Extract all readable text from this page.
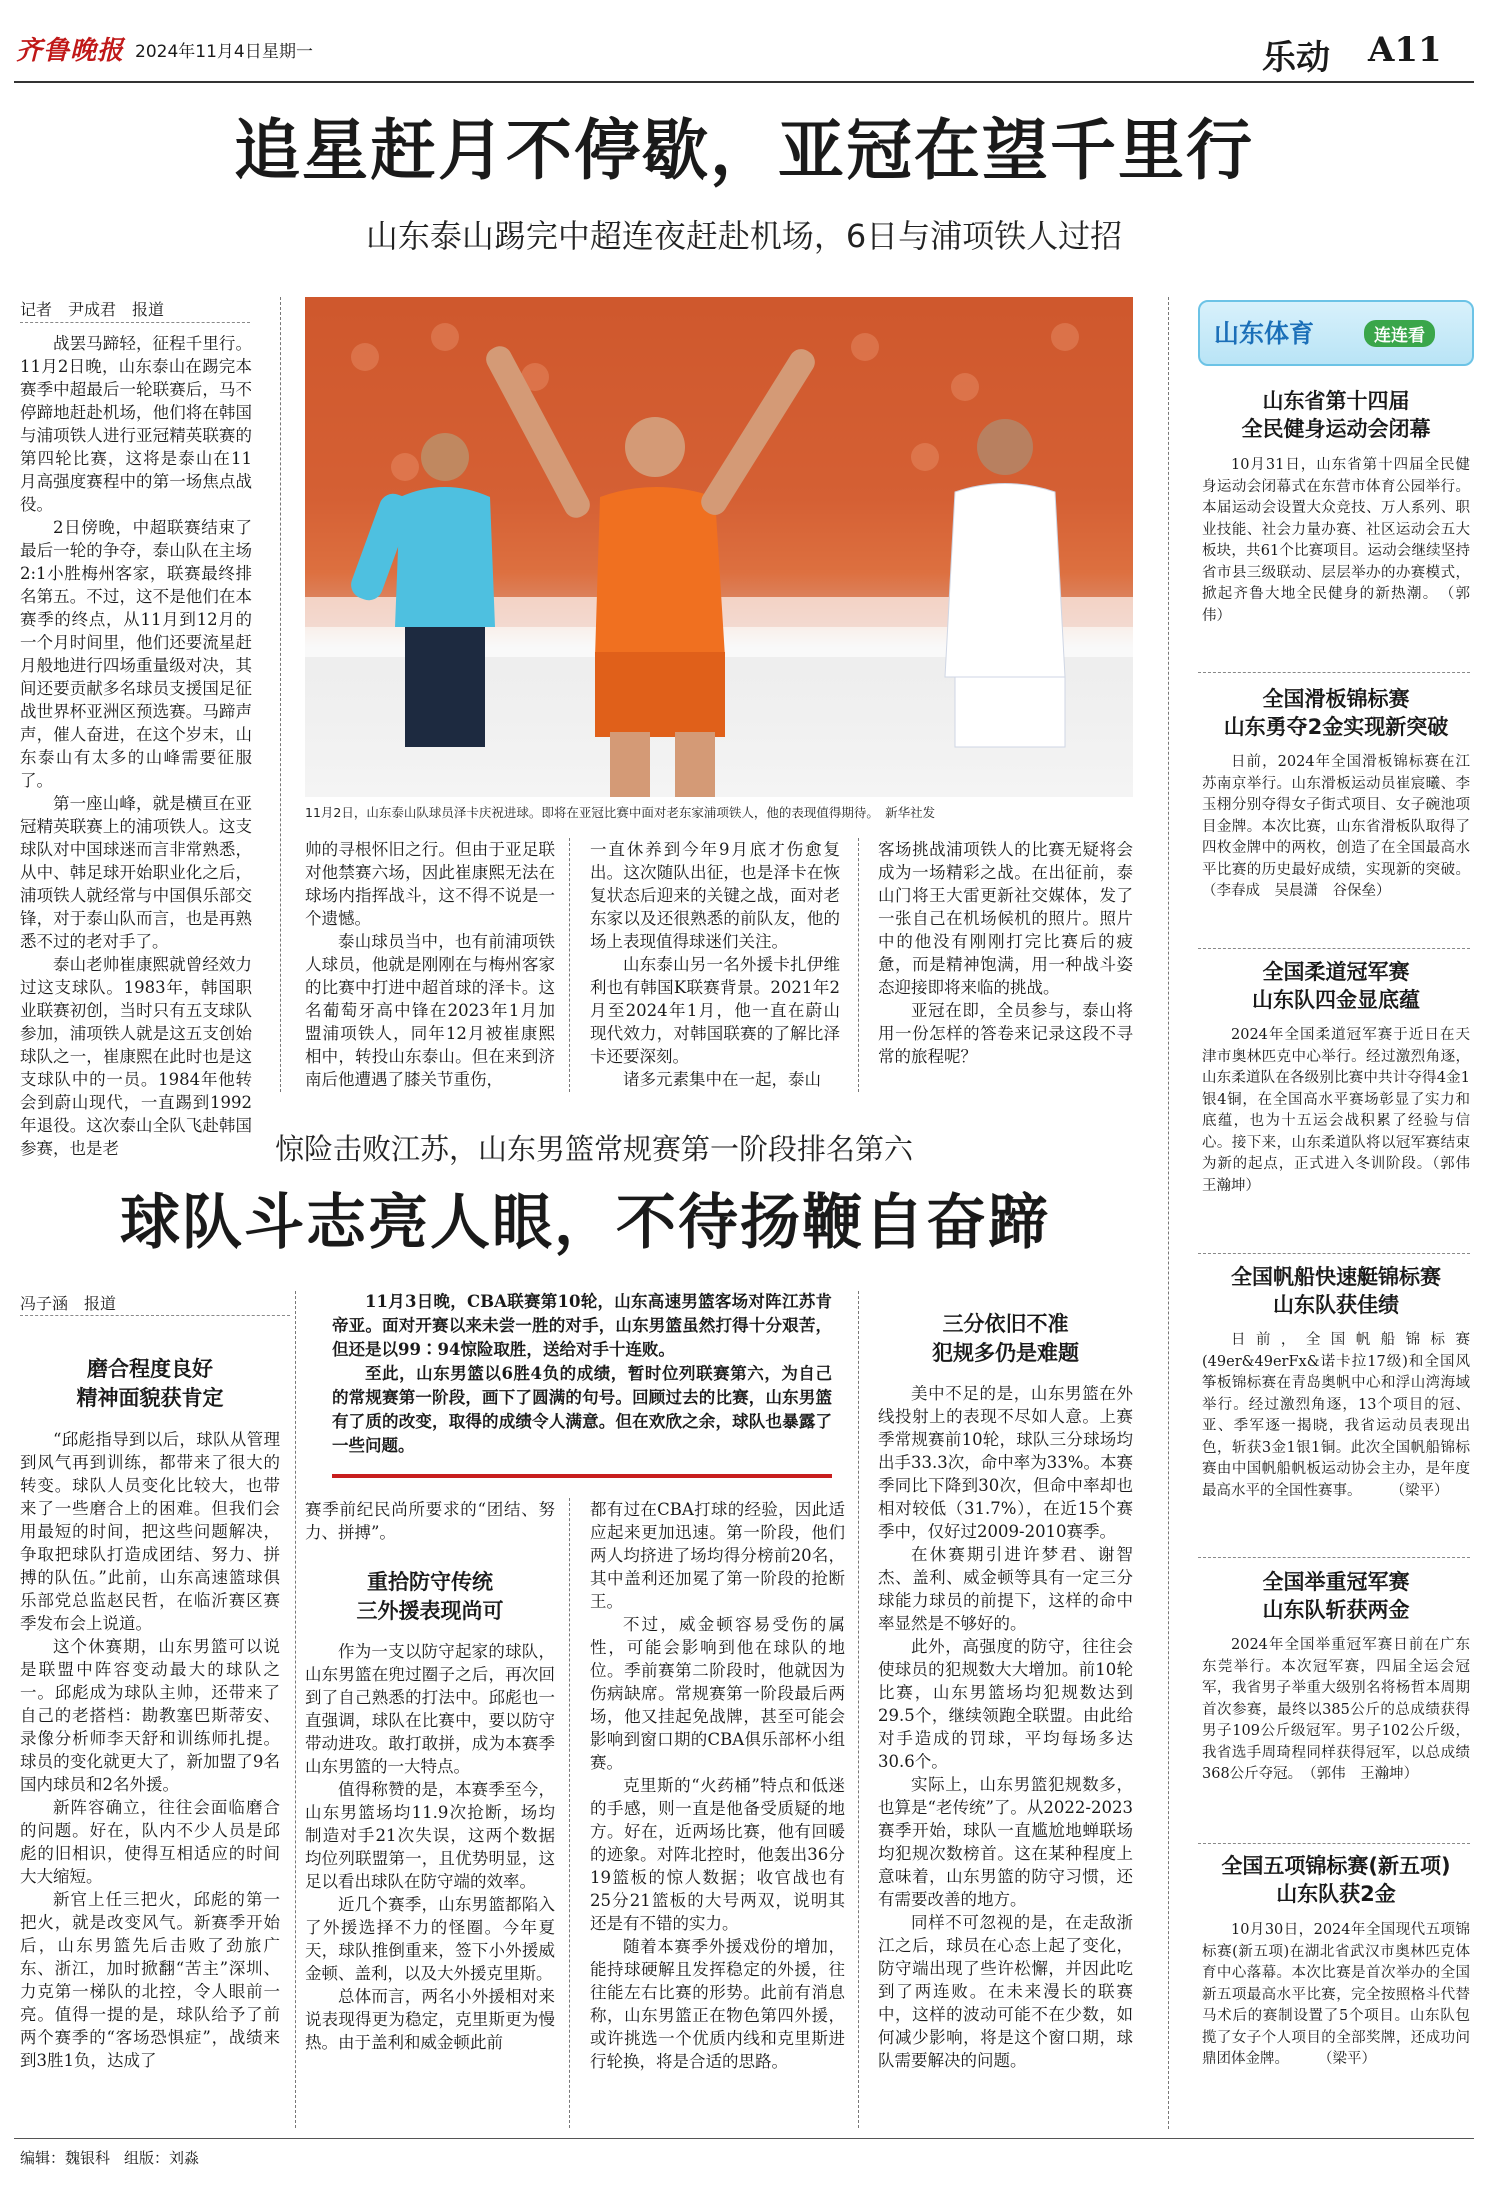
齐鲁晚报 2024年11月4日 星期一	乐动 A11
追星赶月不停歇，亚冠在望千里行
山东泰山踢完中超连夜赶赴机场，6日与浦项铁人过招
记者　尹成君　报道
11月2日，山东泰山队球员泽卡庆祝进球。即将在亚冠比赛中面对老东家浦项铁人，他的表现值得期待。　新华社发

战罢马蹄轻，征程千里行。11月2日晚，山东泰山在踢完本赛季中超最后一轮联赛后，马不停蹄地赶赴机场，他们将在韩国与浦项铁人进行亚冠精英联赛的第四轮比赛，这将是泰山在11月高强度赛程中的第一场焦点战役。

2日傍晚，中超联赛结束了最后一轮的争夺，泰山队在主场2:1小胜梅州客家，联赛最终排名第五。不过，这不是他们在本赛季的终点，从11月到12月的一个月时间里，他们还要流星赶月般地进行四场重量级对决，其间还要贡献多名球员支援国足征战世界杯亚洲区预选赛。马蹄声声，催人奋进，在这个岁末，山东泰山有太多的山峰需要征服了。

第一座山峰，就是横亘在亚冠精英联赛上的浦项铁人。这支球队对中国球迷而言非常熟悉，从中、韩足球开始职业化之后，浦项铁人就经常与中国俱乐部交锋，对于泰山队而言，也是再熟悉不过的老对手了。

泰山老帅崔康熙就曾经效力过这支球队。1983年，韩国职业联赛初创，当时只有五支球队参加，浦项铁人就是这五支创始球队之一，崔康熙在此时也是这支球队中的一员。1984年他转会到蔚山现代，一直踢到1992年退役。这次泰山全队飞赴韩国参赛，也是老

帅的寻根怀旧之行。但由于亚足联对他禁赛六场，因此崔康熙无法在球场内指挥战斗，这不得不说是一个遗憾。

泰山球员当中，也有前浦项铁人球员，他就是刚刚在与梅州客家的比赛中打进中超首球的泽卡。这名葡萄牙高中锋在2023年1月加盟浦项铁人，同年12月被崔康熙相中，转投山东泰山。但在来到济南后他遭遇了膝关节重伤，

一直休养到今年9月底才伤愈复出。这次随队出征，也是泽卡在恢复状态后迎来的关键之战，面对老东家以及还很熟悉的前队友，他的场上表现值得球迷们关注。

山东泰山另一名外援卡扎伊维利也有韩国K联赛背景。2021年2月至2024年1月，他一直在蔚山现代效力，对韩国联赛的了解比泽卡还要深刻。

诸多元素集中在一起，泰山

客场挑战浦项铁人的比赛无疑将会成为一场精彩之战。在出征前，泰山门将王大雷更新社交媒体，发了一张自己在机场候机的照片。照片中的他没有刚刚打完比赛后的疲惫，而是精神饱满，用一种战斗姿态迎接即将来临的挑战。

亚冠在即，全员参与，泰山将用一份怎样的答卷来记录这段不寻常的旅程呢？

惊险击败江苏，山东男篮常规赛第一阶段排名第六
球队斗志亮人眼，不待扬鞭自奋蹄
冯子涵　报道	11月3日晚，CBA联赛第10轮，山东高速男篮客场对阵江苏肯帝亚。面对开赛以来未尝一胜的对手，山东男篮虽然打得十分艰苦，但还是以99∶94惊险取胜，送给对手十连败。

至此，山东男篮以6胜4负的成绩，暂时位列联赛第六，为自己的常规赛第一阶段，画下了圆满的句号。回顾过去的比赛，山东男篮有了质的改变，取得的成绩令人满意。但在欢欣之余，球队也暴露了一些问题。

磨合程度良好
精神面貌获肯定

“邱彪指导到以后，球队从管理到风气再到训练，都带来了很大的转变。球队人员变化比较大，也带来了一些磨合上的困难。但我们会用最短的时间，把这些问题解决，争取把球队打造成团结、努力、拼搏的队伍。”此前，山东高速篮球俱乐部党总监赵民哲，在临沂赛区赛季发布会上说道。

这个休赛期，山东男篮可以说是联盟中阵容变动最大的球队之一。邱彪成为球队主帅，还带来了自己的老搭档：勘教塞巴斯蒂安、录像分析师李天舒和训练师扎提。球员的变化就更大了，新加盟了9名国内球员和2名外援。

新阵容确立，往往会面临磨合的问题。好在，队内不少人员是邱彪的旧相识，使得互相适应的时间大大缩短。

新官上任三把火，邱彪的第一把火，就是改变风气。新赛季开始后，山东男篮先后击败了劲旅广东、浙江，加时掀翻“苦主”深圳、力克第一梯队的北控，令人眼前一亮。值得一提的是，球队给予了前两个赛季的“客场恐惧症”，战绩来到3胜1负，达成了

赛季前纪民尚所要求的“团结、努力、拼搏”。

重拾防守传统
三外援表现尚可

作为一支以防守起家的球队，山东男篮在兜过圈子之后，再次回到了自己熟悉的打法中。邱彪也一直强调，球队在比赛中，要以防守带动进攻。敢打敢拼，成为本赛季山东男篮的一大特点。

值得称赞的是，本赛季至今，山东男篮场均11.9次抢断，场均制造对手21次失误，这两个数据均位列联盟第一，且优势明显，这足以看出球队在防守端的效率。

近几个赛季，山东男篮都陷入了外援选择不力的怪圈。今年夏天，球队推倒重来，签下小外援威金顿、盖利，以及大外援克里斯。

总体而言，两名小外援相对来说表现得更为稳定，克里斯更为慢热。由于盖利和威金顿此前

都有过在CBA打球的经验，因此适应起来更加迅速。第一阶段，他们两人均挤进了场均得分榜前20名，其中盖利还加冕了第一阶段的抢断王。

不过，威金顿容易受伤的属性，可能会影响到他在球队的地位。季前赛第二阶段时，他就因为伤病缺席。常规赛第一阶段最后两场，他又挂起免战牌，甚至可能会影响到窗口期的CBA俱乐部杯小组赛。

克里斯的“火药桶”特点和低迷的手感，则一直是他备受质疑的地方。好在，近两场比赛，他有回暖的迹象。对阵北控时，他轰出36分19篮板的惊人数据；收官战也有25分21篮板的大号两双，说明其还是有不错的实力。

随着本赛季外援戏份的增加，能持球硬解且发挥稳定的外援，往往能左右比赛的形势。此前有消息称，山东男篮正在物色第四外援，或许挑选一个优质内线和克里斯进行轮换，将是合适的思路。

三分依旧不准
犯规多仍是难题

美中不足的是，山东男篮在外线投射上的表现不尽如人意。上赛季常规赛前10轮，球队三分球场均出手33.3次，命中率为33%。本赛季同比下降到30次，但命中率却也相对较低（31.7%），在近15个赛季中，仅好过2009-2010赛季。

在休赛期引进许梦君、谢智杰、盖利、威金顿等具有一定三分球能力球员的前提下，这样的命中率显然是不够好的。

此外，高强度的防守，往往会使球员的犯规数大大增加。前10轮比赛，山东男篮场均犯规数达到29.5个，继续领跑全联盟。由此给对手造成的罚球，平均每场多达30.6个。

实际上，山东男篮犯规数多，也算是“老传统”了。从2022-2023赛季开始，球队一直尴尬地蝉联场均犯规次数榜首。这在某种程度上意味着，山东男篮的防守习惯，还有需要改善的地方。

同样不可忽视的是，在走敌浙江之后，球员在心态上起了变化，防守端出现了些许松懈，并因此吃到了两连败。在未来漫长的联赛中，这样的波动可能不在少数，如何减少影响，将是这个窗口期，球队需要解决的问题。

山东体育	连连看
山东省第十四届
全民健身运动会闭幕

10月31日，山东省第十四届全民健身运动会闭幕式在东营市体育公园举行。本届运动会设置大众竞技、万人系列、职业技能、社会力量办赛、社区运动会五大板块，共61个比赛项目。运动会继续坚持省市县三级联动、层层举办的办赛模式，掀起齐鲁大地全民健身的新热潮。　（郭伟）

全国滑板锦标赛
山东勇夺2金实现新突破

日前，2024年全国滑板锦标赛在江苏南京举行。山东滑板运动员崔宸曦、李玉栩分别夺得女子街式项目、女子碗池项目金牌。本次比赛，山东省滑板队取得了四枚金牌中的两枚，创造了在全国最高水平比赛的历史最好成绩，实现新的突破。（李春成　吴晨潇　谷保垒）

全国柔道冠军赛
山东队四金显底蕴

2024年全国柔道冠军赛于近日在天津市奥林匹克中心举行。经过激烈角逐，山东柔道队在各级别比赛中共计夺得4金1银4铜，在全国高水平赛场彰显了实力和底蕴，也为十五运会战积累了经验与信心。接下来，山东柔道队将以冠军赛结束为新的起点，正式进入冬训阶段。（郭伟　王瀚坤）

全国帆船快速艇锦标赛
山东队获佳绩

日前，全国帆船锦标赛(49er&49erFx&诺卡拉17级)和全国风筝板锦标赛在青岛奥帆中心和浮山湾海域举行。经过激烈角逐，13个项目的冠、亚、季军逐一揭晓，我省运动员表现出色，斩获3金1银1铜。此次全国帆船锦标赛由中国帆船帆板运动协会主办，是年度最高水平的全国性赛事。　　　（梁平）

全国举重冠军赛
山东队斩获两金

2024年全国举重冠军赛日前在广东东莞举行。本次冠军赛，四届全运会冠军，我省男子举重大级别名将杨哲本周期首次参赛，最终以385公斤的总成绩获得男子109公斤级冠军。男子102公斤级，我省选手周琦程同样获得冠军，以总成绩368公斤夺冠。　（郭伟　王瀚坤）

全国五项锦标赛(新五项)
山东队获2金

10月30日，2024年全国现代五项锦标赛(新五项)在湖北省武汉市奥林匹克体育中心落幕。本次比赛是首次举办的全国新五项最高水平比赛，完全按照格斗代替马术后的赛制设置了5个项目。山东队包揽了女子个人项目的全部奖牌，还成功问鼎团体金牌。　　　（梁平）

编辑：魏银科 组版：刘淼
